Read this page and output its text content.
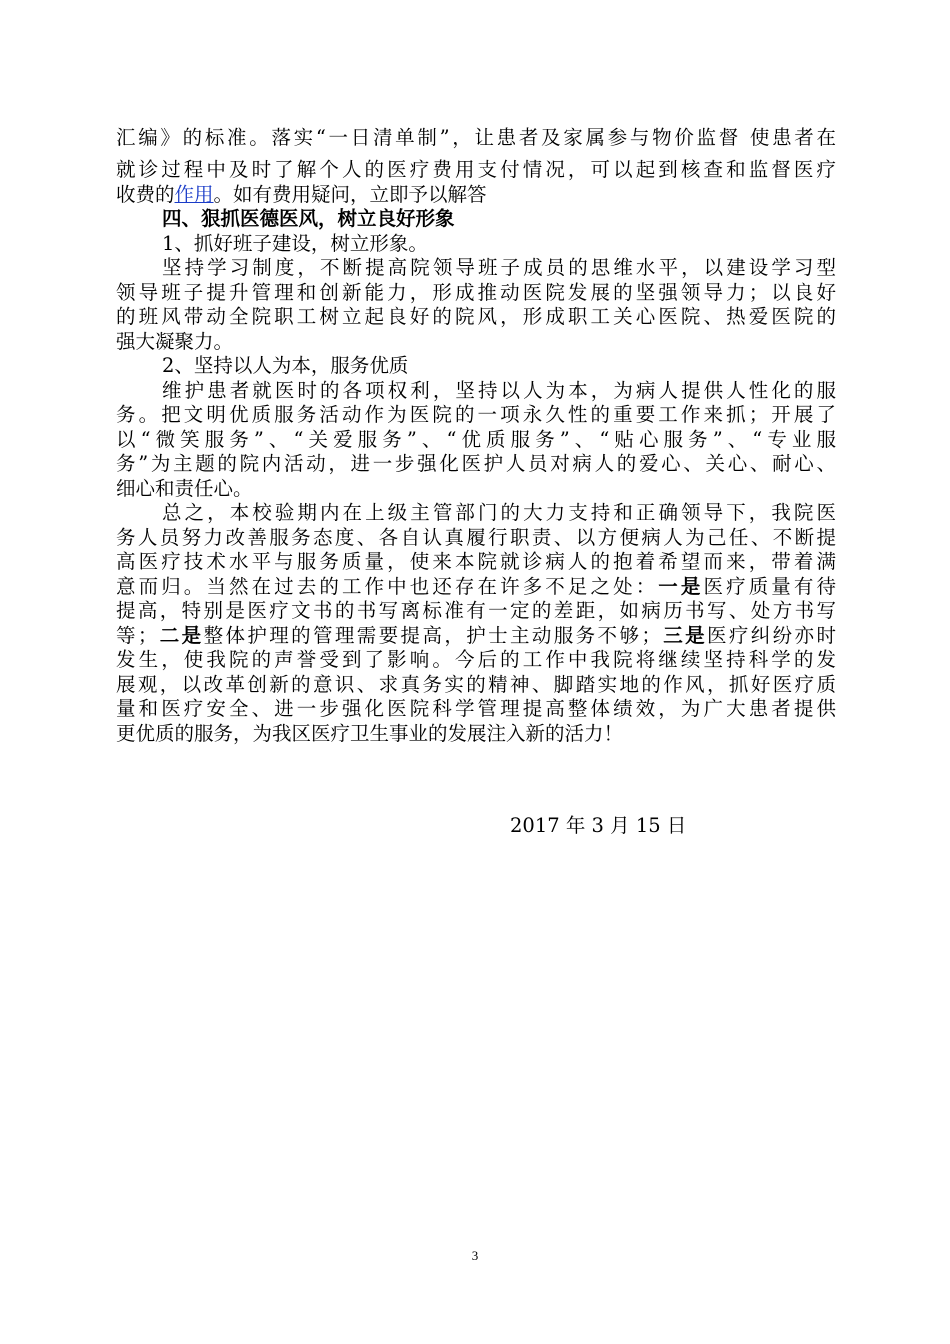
汇编》的标准。落实“一日清单制”，让患者及家属参与物价监督 使患者在
就诊过程中及时了解个人的医疗费用支付情况，可以起到核查和监督医疗
收费的作用。如有费用疑问，立即予以解答
四、狠抓医德医风，树立良好形象
1、抓好班子建设，树立形象。
坚持学习制度，不断提高院领导班子成员的思维水平，以建设学习型
领导班子提升管理和创新能力，形成推动医院发展的坚强领导力；以良好
的班风带动全院职工树立起良好的院风，形成职工关心医院、热爱医院的
强大凝聚力。
2、坚持以人为本，服务优质
维护患者就医时的各项权利，坚持以人为本，为病人提供人性化的服
务。把文明优质服务活动作为医院的一项永久性的重要工作来抓；开展了
以“微笑服务”、“关爱服务”、“优质服务”、“贴心服务”、“专业服
务”为主题的院内活动，进一步强化医护人员对病人的爱心、关心、耐心、
细心和责任心。
总之，本校验期内在上级主管部门的大力支持和正确领导下，我院医
务人员努力改善服务态度、各自认真履行职责、以方便病人为己任、不断提
高医疗技术水平与服务质量，使来本院就诊病人的抱着希望而来，带着满
意而归。当然在过去的工作中也还存在许多不足之处：一是医疗质量有待
提高，特别是医疗文书的书写离标准有一定的差距，如病历书写、处方书写
等；二是整体护理的管理需要提高，护士主动服务不够；三是医疗纠纷亦时
发生，使我院的声誉受到了影响。今后的工作中我院将继续坚持科学的发
展观，以改革创新的意识、求真务实的精神、脚踏实地的作风，抓好医疗质
量和医疗安全、进一步强化医院科学管理提高整体绩效，为广大患者提供
更优质的服务，为我区医疗卫生事业的发展注入新的活力！
2017 年 3 月 15 日
3
